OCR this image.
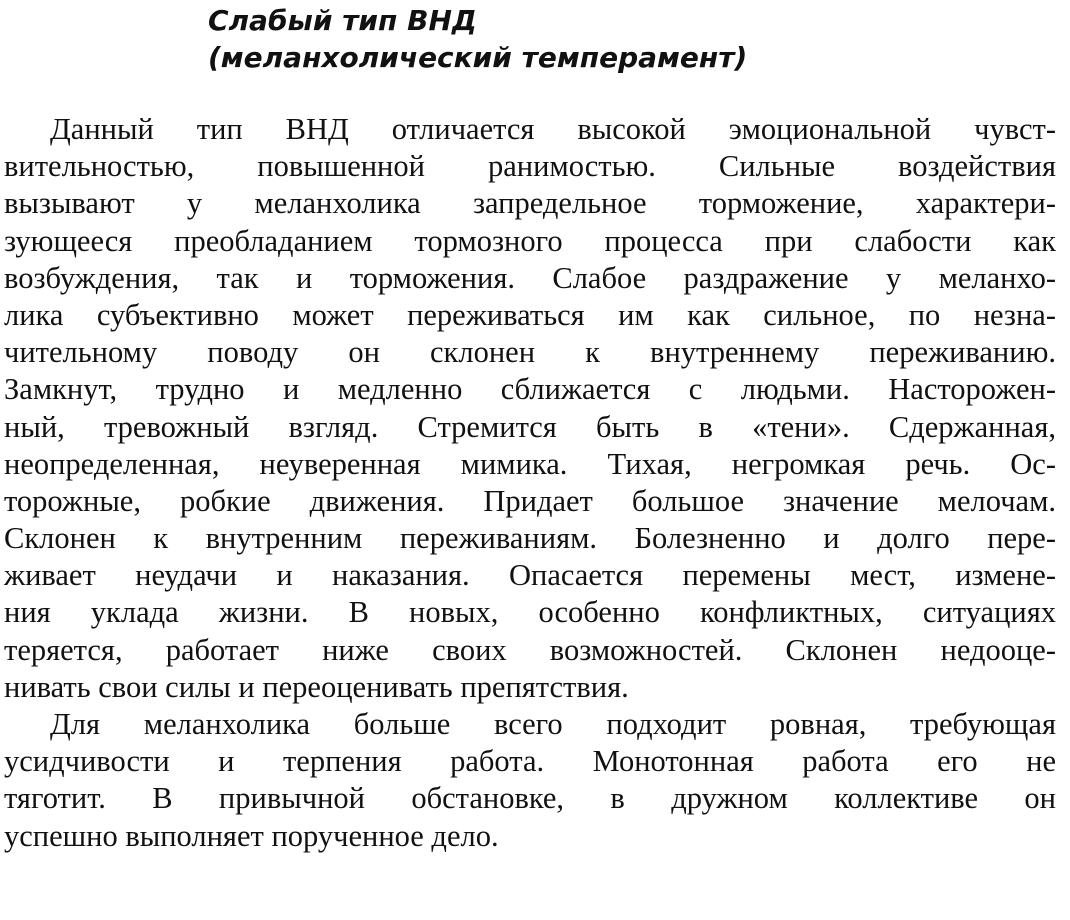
Слабый тип ВНД
(меланхолический темперамент)
Данный тип ВНД отличается высокой эмоциональной чувст-
вительностью, повышенной ранимостью. Сильные воздействия
вызывают у меланхолика запредельное торможение, характери-
зующееся преобладанием тормозного процесса при слабости как
возбуждения, так и торможения. Слабое раздражение у меланхо-
лика субъективно может переживаться им как сильное, по незна-
чительному поводу он склонен к внутреннему переживанию.
Замкнут, трудно и медленно сближается с людьми. Насторожен-
ный, тревожный взгляд. Стремится быть в «тени». Сдержанная,
неопределенная, неуверенная мимика. Тихая, негромкая речь. Ос-
торожные, робкие движения. Придает большое значение мелочам.
Склонен к внутренним переживаниям. Болезненно и долго пере-
живает неудачи и наказания. Опасается перемены мест, измене-
ния уклада жизни. В новых, особенно конфликтных, ситуациях
теряется, работает ниже своих возможностей. Склонен недооце-
нивать свои силы и переоценивать препятствия.
Для меланхолика больше всего подходит ровная, требующая
усидчивости и терпения работа. Монотонная работа его не
тяготит. В привычной обстановке, в дружном коллективе он
успешно выполняет порученное дело.
